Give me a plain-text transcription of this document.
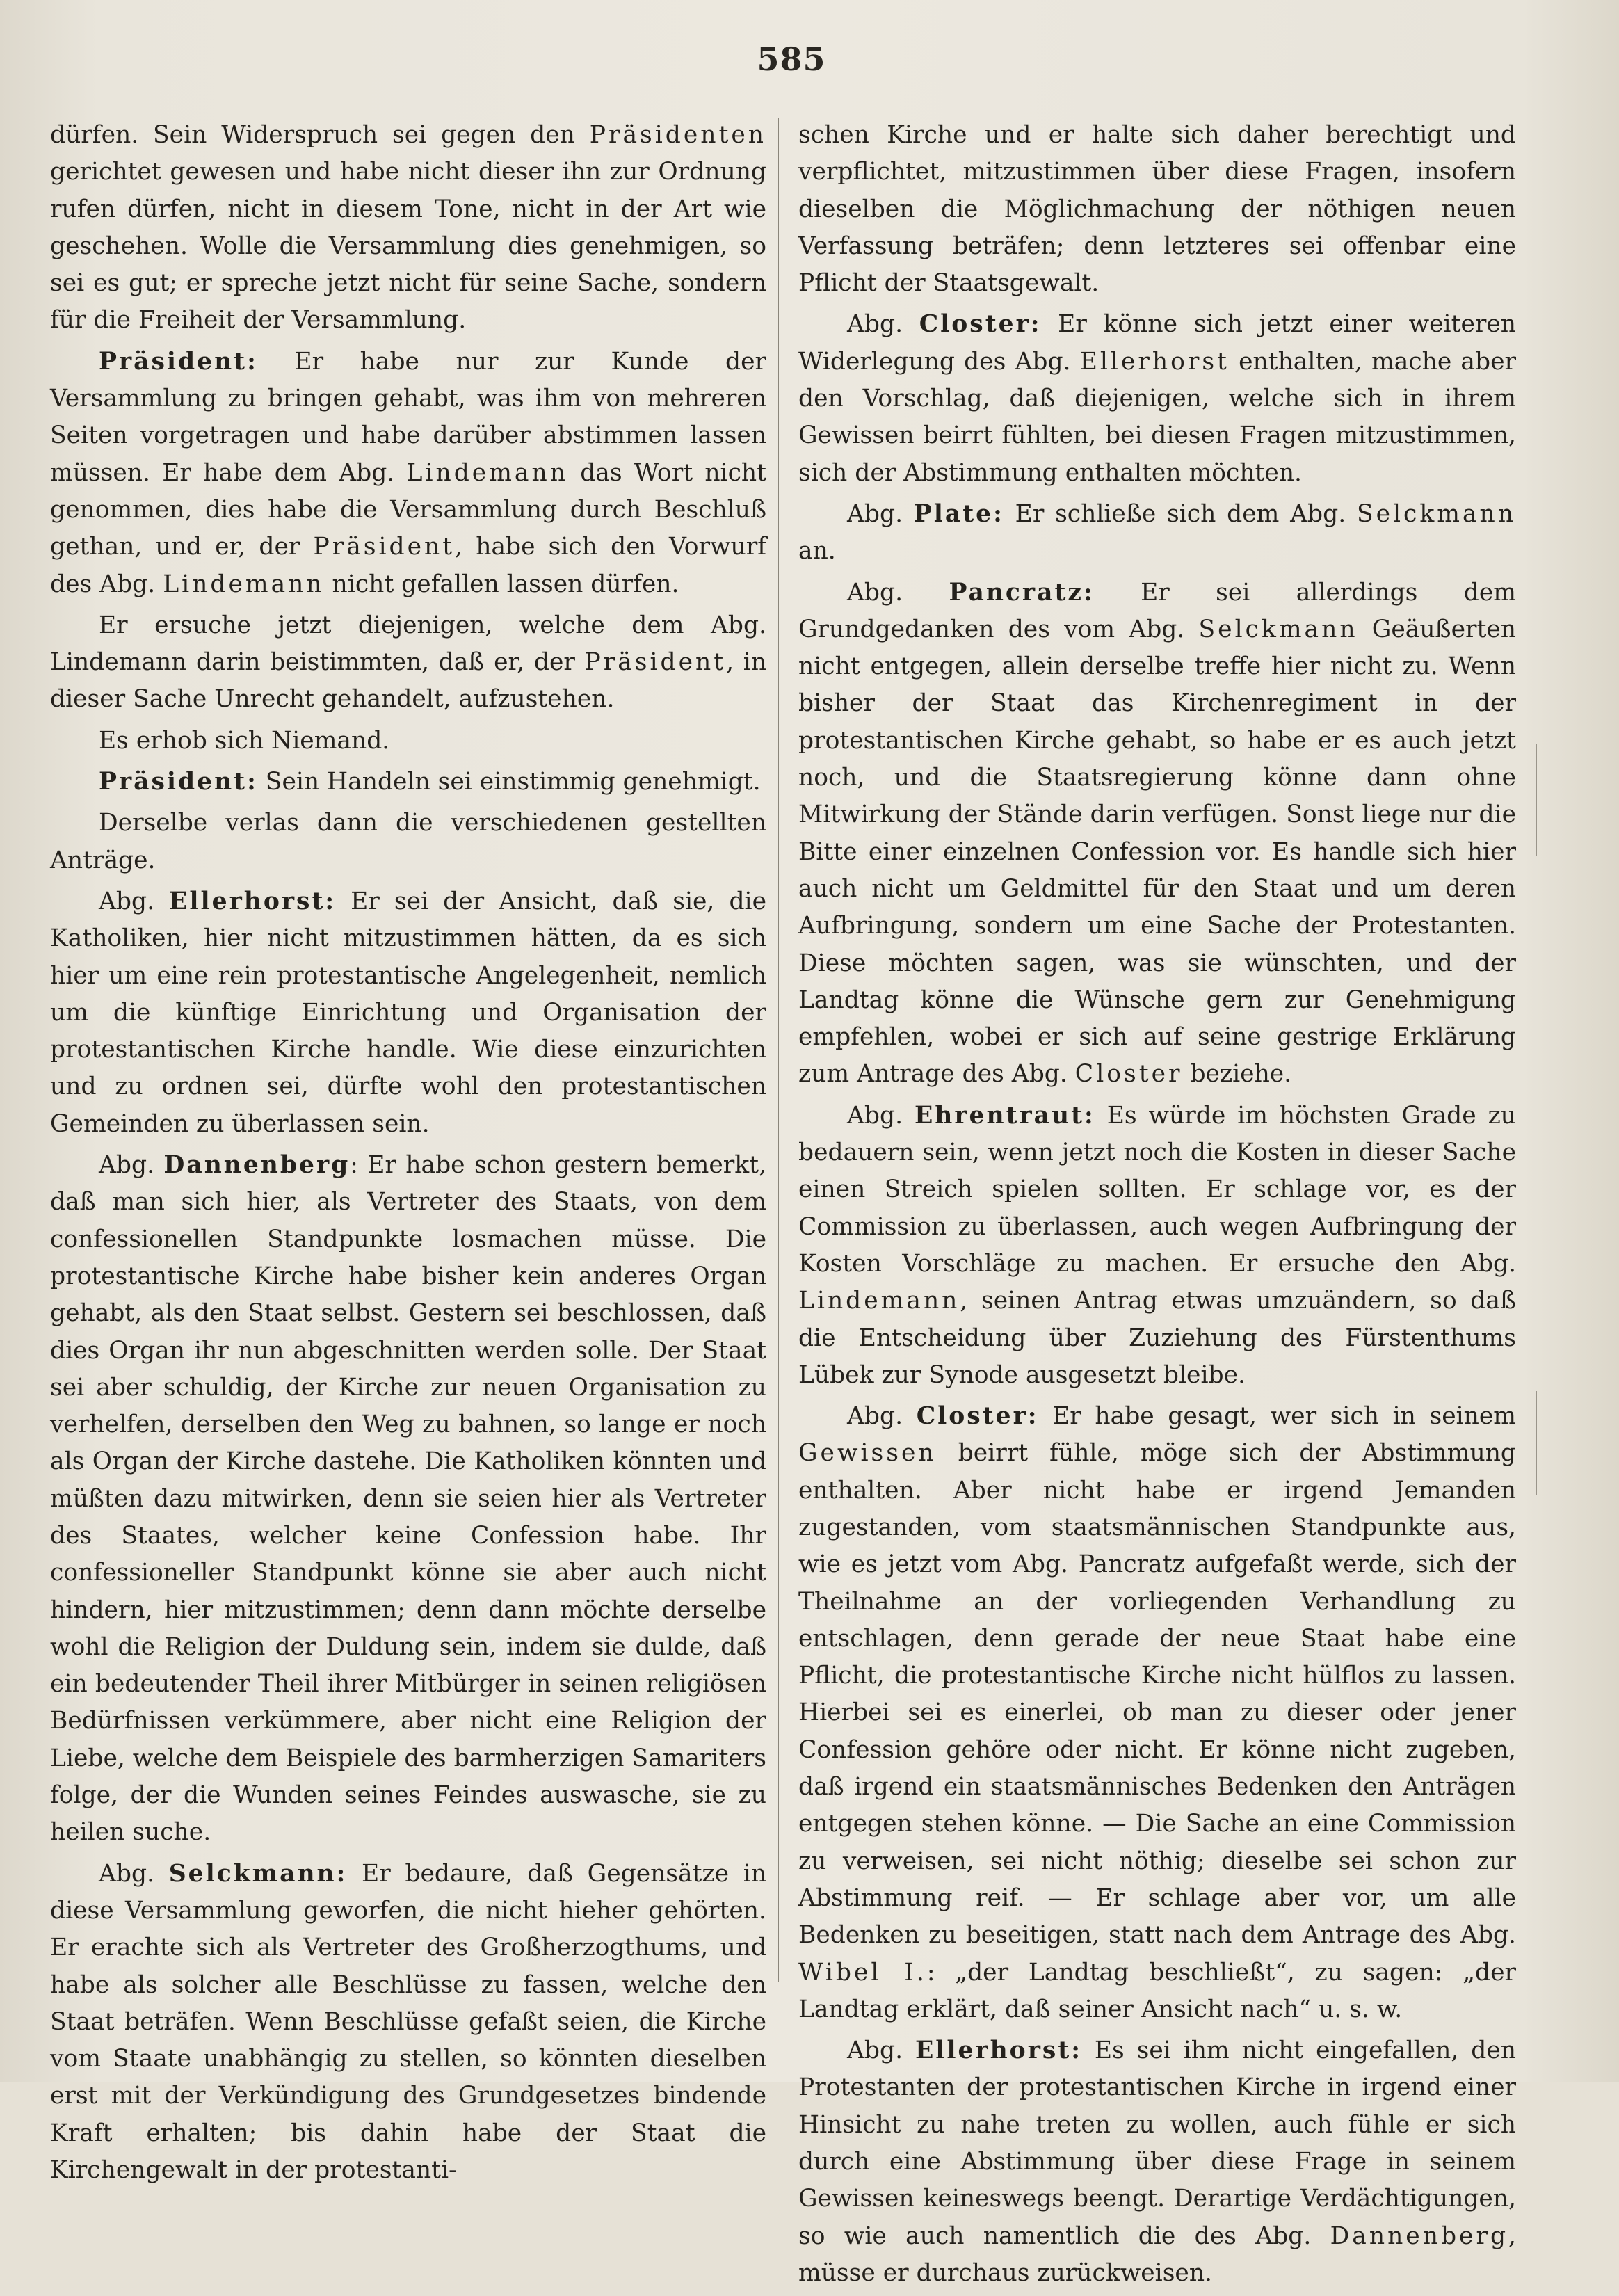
585

dürfen. Sein Widerspruch sei gegen den Präsidenten gerichtet gewesen und habe nicht dieser ihn zur Ordnung rufen dürfen, nicht in diesem Tone, nicht in der Art wie geschehen. Wolle die Versammlung dies genehmigen, so sei es gut; er spreche jetzt nicht für seine Sache, sondern für die Freiheit der Versammlung.

Präsident: Er habe nur zur Kunde der Versammlung zu bringen gehabt, was ihm von mehreren Seiten vorgetragen und habe darüber abstimmen lassen müssen. Er habe dem Abg. Lindemann das Wort nicht genommen, dies habe die Versammlung durch Beschluß gethan, und er, der Präsident, habe sich den Vorwurf des Abg. Lindemann nicht gefallen lassen dürfen.

Er ersuche jetzt diejenigen, welche dem Abg. Lindemann darin beistimmten, daß er, der Präsident, in dieser Sache Unrecht gehandelt, aufzustehen.

Es erhob sich Niemand.

Präsident: Sein Handeln sei einstimmig genehmigt.

Derselbe verlas dann die verschiedenen gestellten Anträge.

Abg. Ellerhorst: Er sei der Ansicht, daß sie, die Katholiken, hier nicht mitzustimmen hätten, da es sich hier um eine rein protestantische Angelegenheit, nemlich um die künftige Einrichtung und Organisation der protestantischen Kirche handle. Wie diese einzurichten und zu ordnen sei, dürfte wohl den protestantischen Gemeinden zu überlassen sein.

Abg. Dannenberg: Er habe schon gestern bemerkt, daß man sich hier, als Vertreter des Staats, von dem confessionellen Standpunkte losmachen müsse. Die protestantische Kirche habe bisher kein anderes Organ gehabt, als den Staat selbst. Gestern sei beschlossen, daß dies Organ ihr nun abgeschnitten werden solle. Der Staat sei aber schuldig, der Kirche zur neuen Organisation zu verhelfen, derselben den Weg zu bahnen, so lange er noch als Organ der Kirche dastehe. Die Katholiken könnten und müßten dazu mitwirken, denn sie seien hier als Vertreter des Staates, welcher keine Confession habe. Ihr confessioneller Standpunkt könne sie aber auch nicht hindern, hier mitzustimmen; denn dann möchte derselbe wohl die Religion der Duldung sein, indem sie dulde, daß ein bedeutender Theil ihrer Mitbürger in seinen religiösen Bedürfnissen verkümmere, aber nicht eine Religion der Liebe, welche dem Beispiele des barmherzigen Samariters folge, der die Wunden seines Feindes auswasche, sie zu heilen suche.

Abg. Selckmann: Er bedaure, daß Gegensätze in diese Versammlung geworfen, die nicht hieher gehörten. Er erachte sich als Vertreter des Großherzogthums, und habe als solcher alle Beschlüsse zu fassen, welche den Staat beträfen. Wenn Beschlüsse gefaßt seien, die Kirche vom Staate unabhängig zu stellen, so könnten dieselben erst mit der Verkündigung des Grundgesetzes bindende Kraft erhalten; bis dahin habe der Staat die Kirchengewalt in der protestanti-

schen Kirche und er halte sich daher berechtigt und verpflichtet, mitzustimmen über diese Fragen, insofern dieselben die Möglichmachung der nöthigen neuen Verfassung beträfen; denn letzteres sei offenbar eine Pflicht der Staatsgewalt.

Abg. Closter: Er könne sich jetzt einer weiteren Widerlegung des Abg. Ellerhorst enthalten, mache aber den Vorschlag, daß diejenigen, welche sich in ihrem Gewissen beirrt fühlten, bei diesen Fragen mitzustimmen, sich der Abstimmung enthalten möchten.

Abg. Plate: Er schließe sich dem Abg. Selckmann an.

Abg. Pancratz: Er sei allerdings dem Grundgedanken des vom Abg. Selckmann Geäußerten nicht entgegen, allein derselbe treffe hier nicht zu. Wenn bisher der Staat das Kirchenregiment in der protestantischen Kirche gehabt, so habe er es auch jetzt noch, und die Staatsregierung könne dann ohne Mitwirkung der Stände darin verfügen. Sonst liege nur die Bitte einer einzelnen Confession vor. Es handle sich hier auch nicht um Geldmittel für den Staat und um deren Aufbringung, sondern um eine Sache der Protestanten. Diese möchten sagen, was sie wünschten, und der Landtag könne die Wünsche gern zur Genehmigung empfehlen, wobei er sich auf seine gestrige Erklärung zum Antrage des Abg. Closter beziehe.

Abg. Ehrentraut: Es würde im höchsten Grade zu bedauern sein, wenn jetzt noch die Kosten in dieser Sache einen Streich spielen sollten. Er schlage vor, es der Commission zu überlassen, auch wegen Aufbringung der Kosten Vorschläge zu machen. Er ersuche den Abg. Lindemann, seinen Antrag etwas umzuändern, so daß die Entscheidung über Zuziehung des Fürstenthums Lübek zur Synode ausgesetzt bleibe.

Abg. Closter: Er habe gesagt, wer sich in seinem Gewissen beirrt fühle, möge sich der Abstimmung enthalten. Aber nicht habe er irgend Jemanden zugestanden, vom staatsmännischen Standpunkte aus, wie es jetzt vom Abg. Pancratz aufgefaßt werde, sich der Theilnahme an der vorliegenden Verhandlung zu entschlagen, denn gerade der neue Staat habe eine Pflicht, die protestantische Kirche nicht hülflos zu lassen. Hierbei sei es einerlei, ob man zu dieser oder jener Confession gehöre oder nicht. Er könne nicht zugeben, daß irgend ein staatsmännisches Bedenken den Anträgen entgegen stehen könne. — Die Sache an eine Commission zu verweisen, sei nicht nöthig; dieselbe sei schon zur Abstimmung reif. — Er schlage aber vor, um alle Bedenken zu beseitigen, statt nach dem Antrage des Abg. Wibel I.: „der Landtag beschließt“, zu sagen: „der Landtag erklärt, daß seiner Ansicht nach“ u. s. w.

Abg. Ellerhorst: Es sei ihm nicht eingefallen, den Protestanten der protestantischen Kirche in irgend einer Hinsicht zu nahe treten zu wollen, auch fühle er sich durch eine Abstimmung über diese Frage in seinem Gewissen keineswegs beengt. Derartige Verdächtigungen, so wie auch namentlich die des Abg. Dannenberg, müsse er durchaus zurückweisen.
